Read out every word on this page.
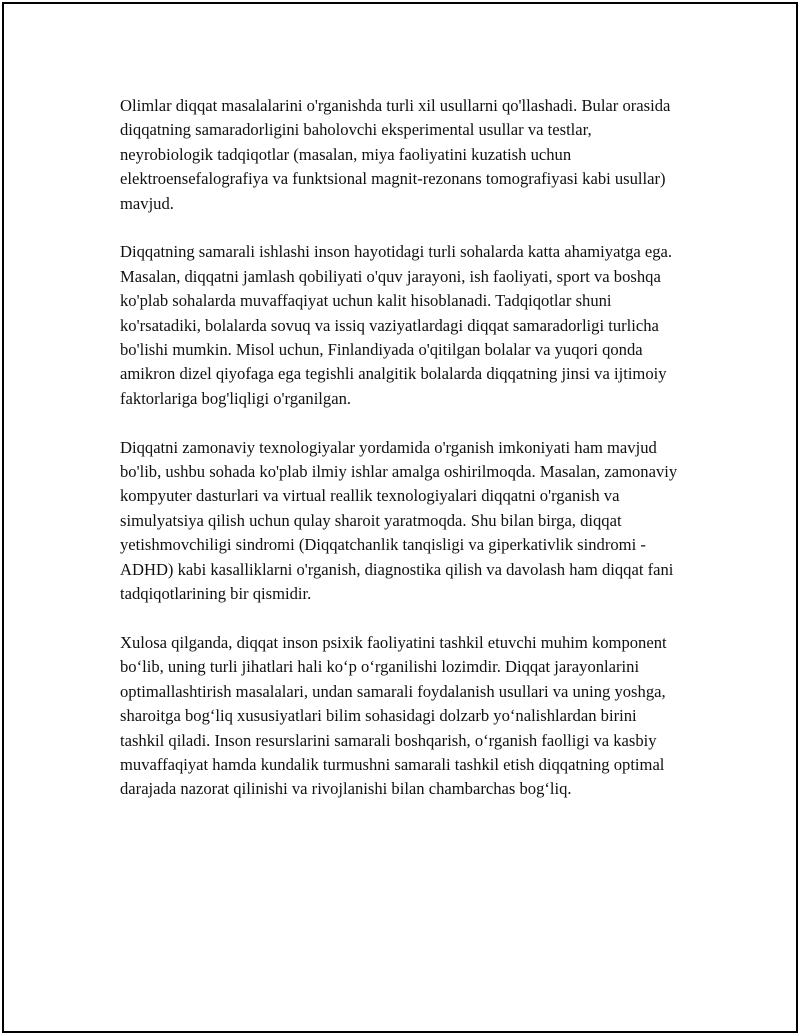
Olimlar diqqat masalalarini o'rganishda turli xil usullarni qo'llashadi. Bular orasida diqqatning samaradorligini baholovchi eksperimental usullar va testlar, neyrobiologik tadqiqotlar (masalan, miya faoliyatini kuzatish uchun elektroensefalografiya va funktsional magnit-rezonans tomografiyasi kabi usullar) mavjud.

Diqqatning samarali ishlashi inson hayotidagi turli sohalarda katta ahamiyatga ega. Masalan, diqqatni jamlash qobiliyati o'quv jarayoni, ish faoliyati, sport va boshqa ko'plab sohalarda muvaffaqiyat uchun kalit hisoblanadi. Tadqiqotlar shuni ko'rsatadiki, bolalarda sovuq va issiq vaziyatlardagi diqqat samaradorligi turlicha bo'lishi mumkin. Misol uchun, Finlandiyada o'qitilgan bolalar va yuqori qonda amikron dizel qiyofaga ega tegishli analgitik bolalarda diqqatning jinsi va ijtimoiy faktorlariga bog'liqligi o'rganilgan.

Diqqatni zamonaviy texnologiyalar yordamida o'rganish imkoniyati ham mavjud bo'lib, ushbu sohada ko'plab ilmiy ishlar amalga oshirilmoqda. Masalan, zamonaviy kompyuter dasturlari va virtual reallik texnologiyalari diqqatni o'rganish va simulyatsiya qilish uchun qulay sharoit yaratmoqda. Shu bilan birga, diqqat yetishmovchiligi sindromi (Diqqatchanlik tanqisligi va giperkativlik sindromi - ADHD) kabi kasalliklarni o'rganish, diagnostika qilish va davolash ham diqqat fani tadqiqotlarining bir qismidir.

Xulosa qilganda, diqqat inson psixik faoliyatini tashkil etuvchi muhim komponent bo‘lib, uning turli jihatlari hali ko‘p o‘rganilishi lozimdir. Diqqat jarayonlarini optimallashtirish masalalari, undan samarali foydalanish usullari va uning yoshga, sharoitga bog‘liq xususiyatlari bilim sohasidagi dolzarb yo‘nalishlardan birini tashkil qiladi. Inson resurslarini samarali boshqarish, o‘rganish faolligi va kasbiy muvaffaqiyat hamda kundalik turmushni samarali tashkil etish diqqatning optimal darajada nazorat qilinishi va rivojlanishi bilan chambarchas bog‘liq.
